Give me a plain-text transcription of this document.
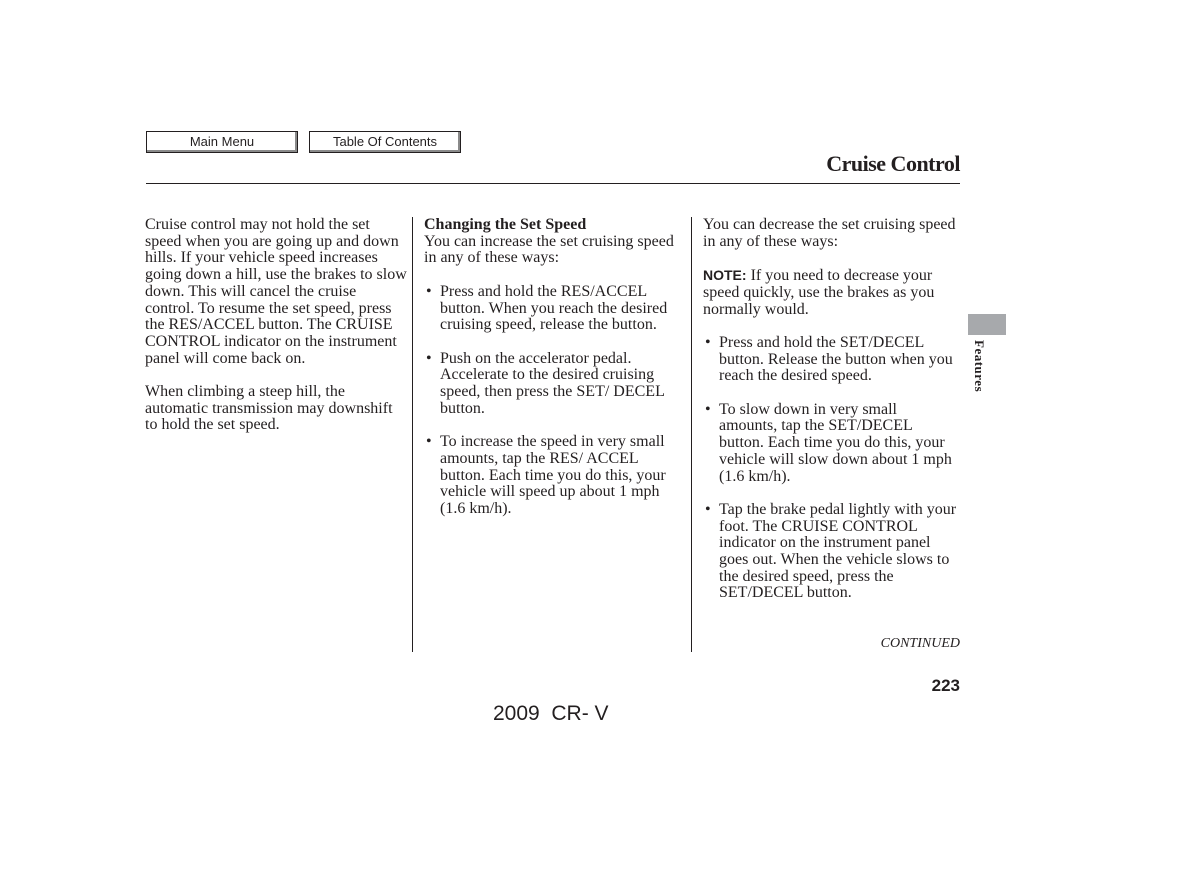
Main Menu	Table Of Contents
Cruise Control

Cruise control may not hold the set speed when you are going up and down hills. If your vehicle speed increases going down a hill, use the brakes to slow down. This will cancel the cruise control. To resume the set speed, press the RES/ACCEL button. The CRUISE CONTROL indicator on the instrument panel will come back on.

When climbing a steep hill, the automatic transmission may downshift to hold the set speed.

Changing the Set Speed

You can increase the set cruising speed in any of these ways:

• Press and hold the RES/ACCEL button. When you reach the desired cruising speed, release the button.
• Push on the accelerator pedal. Accelerate to the desired cruising speed, then press the SET/ DECEL button.
• To increase the speed in very small amounts, tap the RES/ ACCEL button. Each time you do this, your vehicle will speed up about 1 mph (1.6 km/h).

You can decrease the set cruising speed in any of these ways:

NOTE: If you need to decrease your speed quickly, use the brakes as you normally would.

• Press and hold the SET/DECEL button. Release the button when you reach the desired speed.
• To slow down in very small amounts, tap the SET/DECEL button. Each time you do this, your vehicle will slow down about 1 mph (1.6 km/h).
• Tap the brake pedal lightly with your foot. The CRUISE CONTROL indicator on the instrument panel goes out. When the vehicle slows to the desired speed, press the SET/DECEL button.
CONTINUED
223
2009  CR- V
Features
